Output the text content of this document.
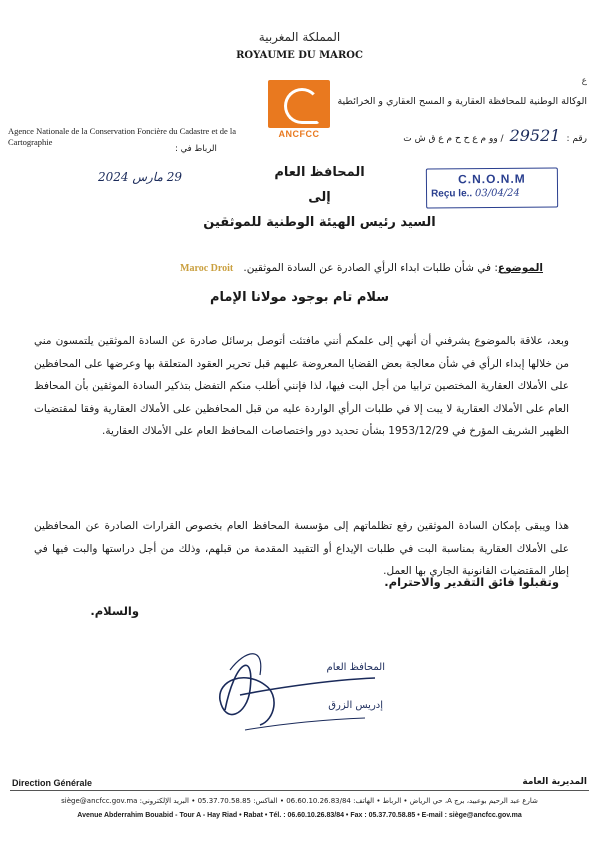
المملكة المغربية
ROYAUME DU MAROC
ANCFCC
ع
الوكالة الوطنية للمحافظة العقارية و المسح العقاري و الخرائطية
رقم :
29521
/ وو م ع ح ح م ع ق ش ت
Agence Nationale de la Conservation Foncière du Cadastre et de la Cartographie
الرباط في :
29 مارس 2024	C.N.O.N.M
Reçu le.. 03/04/24
المحافظ العام
إلى
السيد رئيس الهيئة الوطنية للموثقين
الموضوع: في شأن طلبات ابداء الرأي الصادرة عن السادة الموثقين.
Maroc Droit
سلام تام بوجود مولانا الإمام
وبعد، علاقة بالموضوع يشرفني أن أنهي إلى علمكم أنني مافتئت أتوصل برسائل صادرة عن السادة الموثقين يلتمسون مني من خلالها إبداء الرأي في شأن معالجة بعض القضايا المعروضة عليهم قبل تحرير العقود المتعلقة بها وعرضها على المحافظين على الأملاك العقارية المختصين ترابيا من أجل البت فيها، لذا فإنني أطلب منكم التفضل بتذكير السادة الموثقين بأن المحافظ العام على الأملاك العقارية لا يبت إلا في طلبات الرأي الواردة عليه من قبل المحافظين على الأملاك العقارية وفقا لمقتضيات الظهير الشريف المؤرخ في 1953/12/29 بشأن تحديد دور واختصاصات المحافظ العام على الأملاك العقارية.
هذا ويبقى بإمكان السادة الموثقين رفع تظلماتهم إلى مؤسسة المحافظ العام بخصوص القرارات الصادرة عن المحافظين على الأملاك العقارية بمناسبة البت في طلبات الإيداع أو التقييد المقدمة من قبلهم، وذلك من أجل دراستها والبت فيها في إطار المقتضيات القانونية الجاري بها العمل.
وتقبلوا فائق التقدير والاحترام.
والسلام.
المحافظ العام
إدريس الزرق
Direction Générale	المديرية العامة
شارع عبد الرحيم بوعبيد، برج A، حي الرياض • الرباط • الهاتف: 06.60.10.26.83/84 • الفاكس: 05.37.70.58.85 • البريد الإلكتروني: siège@ancfcc.gov.ma
Avenue Abderrahim Bouabid - Tour A - Hay Riad • Rabat • Tél. : 06.60.10.26.83/84 • Fax : 05.37.70.58.85 • E-mail : siège@ancfcc.gov.ma
